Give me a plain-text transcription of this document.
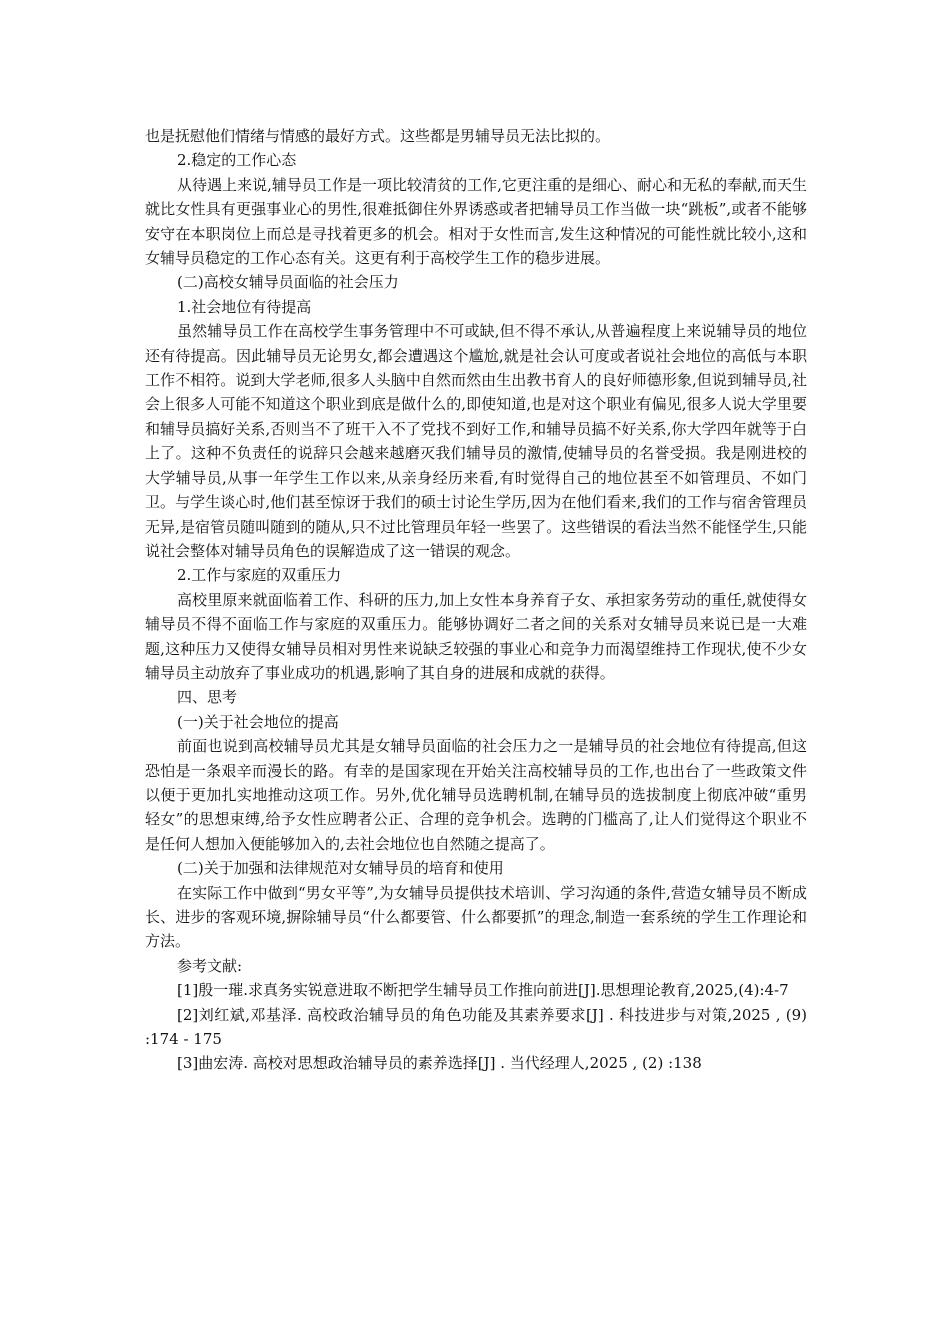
也是抚慰他们情绪与情感的最好方式。这些都是男辅导员无法比拟的。

2.稳定的工作心态

从待遇上来说,辅导员工作是一项比较清贫的工作,它更注重的是细心、耐心和无私的奉献,而天生就比女性具有更强事业心的男性,很难抵御住外界诱惑或者把辅导员工作当做一块“跳板”,或者不能够安守在本职岗位上而总是寻找着更多的机会。相对于女性而言,发生这种情况的可能性就比较小,这和女辅导员稳定的工作心态有关。这更有利于高校学生工作的稳步进展。

(二)高校女辅导员面临的社会压力

1.社会地位有待提高

虽然辅导员工作在高校学生事务管理中不可或缺,但不得不承认,从普遍程度上来说辅导员的地位还有待提高。因此辅导员无论男女,都会遭遇这个尴尬,就是社会认可度或者说社会地位的高低与本职工作不相符。说到大学老师,很多人头脑中自然而然由生出教书育人的良好师德形象,但说到辅导员,社会上很多人可能不知道这个职业到底是做什么的,即使知道,也是对这个职业有偏见,很多人说大学里要和辅导员搞好关系,否则当不了班干入不了党找不到好工作,和辅导员搞不好关系,你大学四年就等于白上了。这种不负责任的说辞只会越来越磨灭我们辅导员的激情,使辅导员的名誉受损。我是刚进校的大学辅导员,从事一年学生工作以来,从亲身经历来看,有时觉得自己的地位甚至不如管理员、不如门卫。与学生谈心时,他们甚至惊讶于我们的硕士讨论生学历,因为在他们看来,我们的工作与宿舍管理员无异,是宿管员随叫随到的随从,只不过比管理员年轻一些罢了。这些错误的看法当然不能怪学生,只能说社会整体对辅导员角色的误解造成了这一错误的观念。

2.工作与家庭的双重压力

高校里原来就面临着工作、科研的压力,加上女性本身养育子女、承担家务劳动的重任,就使得女辅导员不得不面临工作与家庭的双重压力。能够协调好二者之间的关系对女辅导员来说已是一大难题,这种压力又使得女辅导员相对男性来说缺乏较强的事业心和竞争力而渴望维持工作现状,使不少女辅导员主动放弃了事业成功的机遇,影响了其自身的进展和成就的获得。

四、思考

(一)关于社会地位的提高

前面也说到高校辅导员尤其是女辅导员面临的社会压力之一是辅导员的社会地位有待提高,但这恐怕是一条艰辛而漫长的路。有幸的是国家现在开始关注高校辅导员的工作,也出台了一些政策文件以便于更加扎实地推动这项工作。另外,优化辅导员选聘机制,在辅导员的选拔制度上彻底冲破“重男轻女”的思想束缚,给予女性应聘者公正、合理的竞争机会。选聘的门槛高了,让人们觉得这个职业不是任何人想加入便能够加入的,去社会地位也自然随之提高了。

(二)关于加强和法律规范对女辅导员的培育和使用

在实际工作中做到“男女平等”,为女辅导员提供技术培训、学习沟通的条件,营造女辅导员不断成长、进步的客观环境,摒除辅导员“什么都要管、什么都要抓”的理念,制造一套系统的学生工作理论和方法。

参考文献:

[1]殷一璀.求真务实锐意进取不断把学生辅导员工作推向前进[J].思想理论教育,2025,(4):4-7

[2]刘红斌,邓基泽. 高校政治辅导员的角色功能及其素养要求[J] . 科技进步与对策,2025 , (9) :174 - 175

[3]曲宏涛. 高校对思想政治辅导员的素养选择[J] . 当代经理人,2025 , (2) :138
